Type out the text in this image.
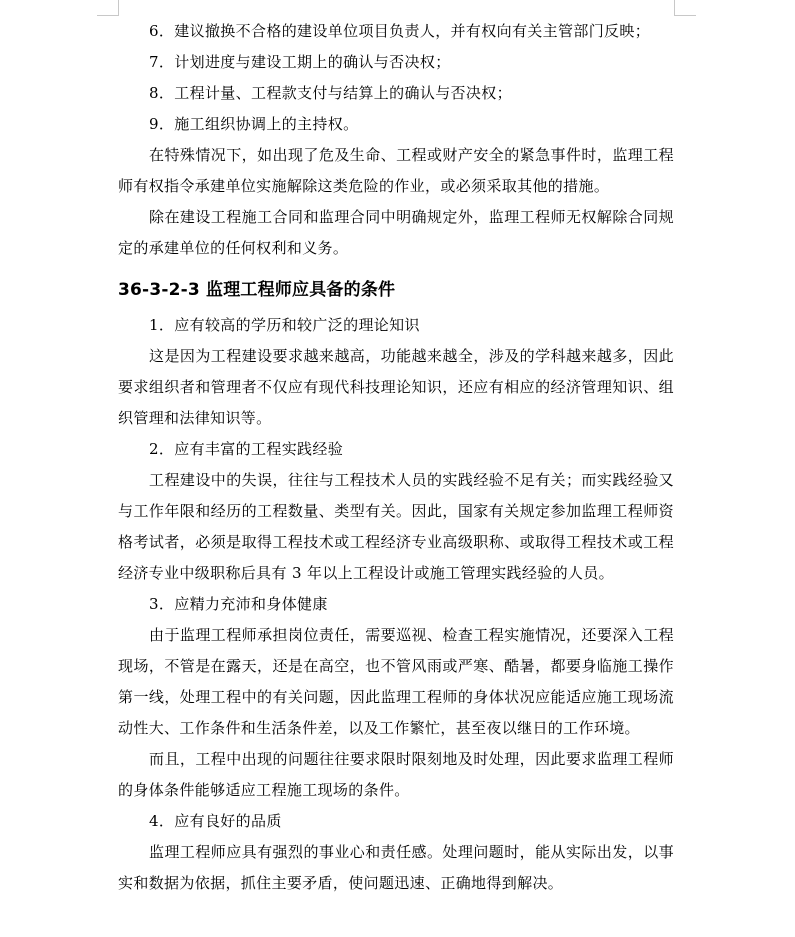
6．建议撤换不合格的建设单位项目负责人，并有权向有关主管部门反映；

7．计划进度与建设工期上的确认与否决权；

8．工程计量、工程款支付与结算上的确认与否决权；

9．施工组织协调上的主持权。

在特殊情况下，如出现了危及生命、工程或财产安全的紧急事件时，监理工程师有权指令承建单位实施解除这类危险的作业，或必须采取其他的措施。

除在建设工程施工合同和监理合同中明确规定外，监理工程师无权解除合同规定的承建单位的任何权利和义务。

36-3-2-3 监理工程师应具备的条件

1．应有较高的学历和较广泛的理论知识

这是因为工程建设要求越来越高，功能越来越全，涉及的学科越来越多，因此要求组织者和管理者不仅应有现代科技理论知识，还应有相应的经济管理知识、组织管理和法律知识等。

2．应有丰富的工程实践经验

工程建设中的失误，往往与工程技术人员的实践经验不足有关；而实践经验又与工作年限和经历的工程数量、类型有关。因此，国家有关规定参加监理工程师资格考试者，必须是取得工程技术或工程经济专业高级职称、或取得工程技术或工程经济专业中级职称后具有 3 年以上工程设计或施工管理实践经验的人员。

3．应精力充沛和身体健康

由于监理工程师承担岗位责任，需要巡视、检查工程实施情况，还要深入工程现场，不管是在露天，还是在高空，也不管风雨或严寒、酷暑，都要身临施工操作第一线，处理工程中的有关问题，因此监理工程师的身体状况应能适应施工现场流动性大、工作条件和生活条件差，以及工作繁忙，甚至夜以继日的工作环境。

而且，工程中出现的问题往往要求限时限刻地及时处理，因此要求监理工程师的身体条件能够适应工程施工现场的条件。

4．应有良好的品质

监理工程师应具有强烈的事业心和责任感。处理问题时，能从实际出发，以事实和数据为依据，抓住主要矛盾，使问题迅速、正确地得到解决。
